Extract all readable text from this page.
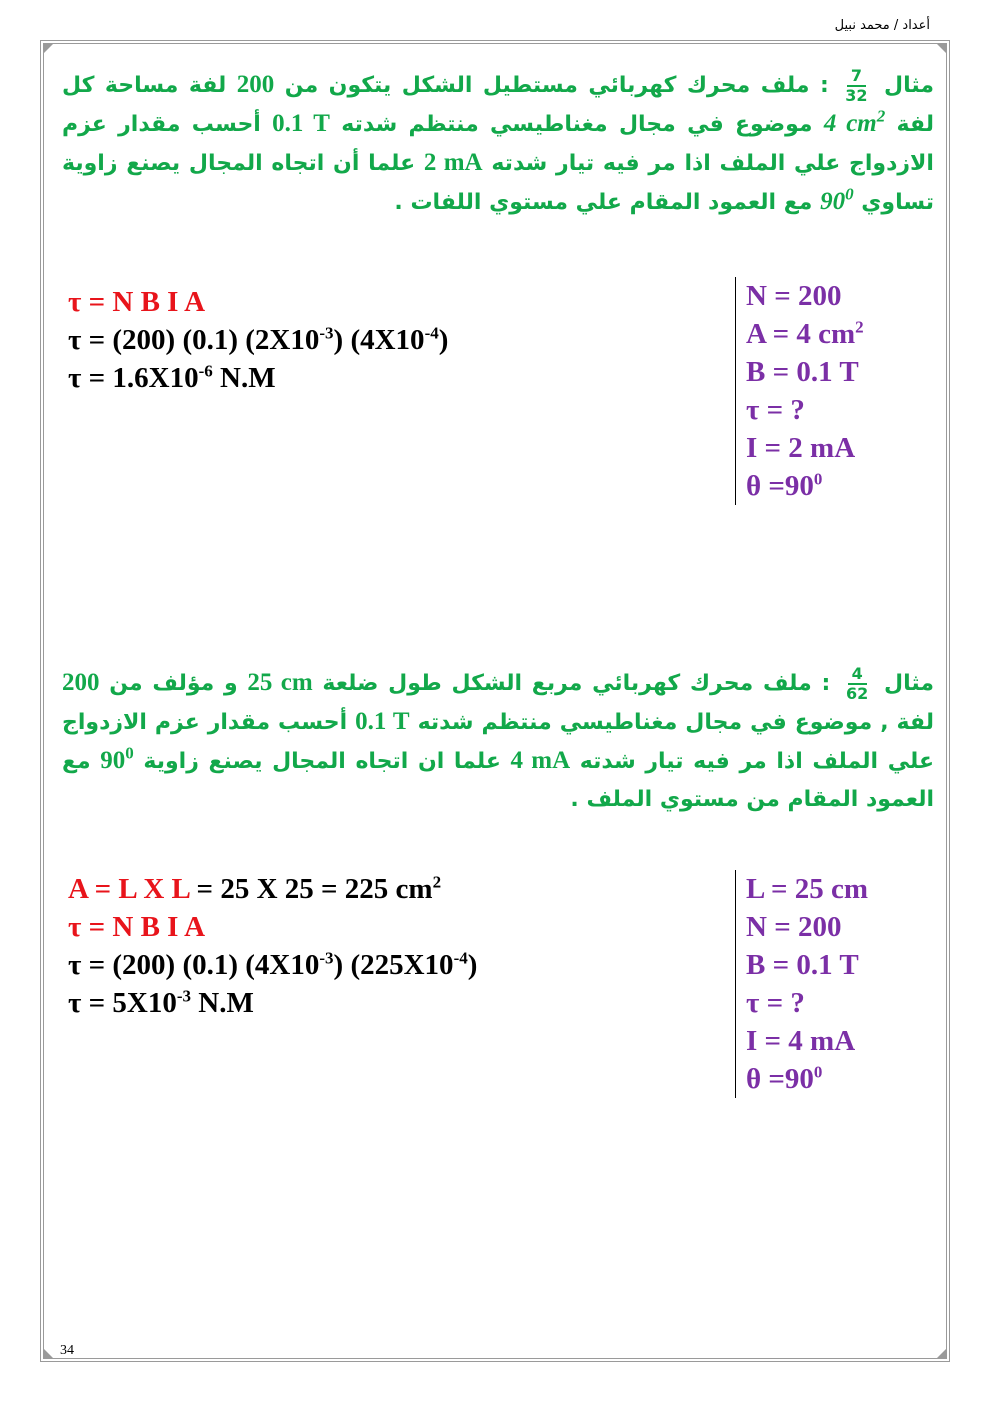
أعداد / محمد نبيل
مثال
$\frac{7}{32}$
: ملف محرك كهربائي مستطيل الشكل يتكون من 200 لفة مساحة كل لفة 4 $cm^2$ موضوع في مجال مغناطيسي منتظم شدته 0.1 T أحسب مقدار عزم الازدواج علي الملف اذا مر فيه تيار شدته 2 mA علما أن اتجاه المجال يصنع زاوية تساوي $90^0$ مع العمود المقام علي مستوي اللفات .
N = 200
A = 4 $cm^2$
B = 0.1 T
τ = ?
I = 2 mA
$\theta =90^0$
τ = N B I A
τ = (200) (0.1) $(2X10^{-3})$ $(4X10^{-4})$
$\tau = 1.6X10^{-6}$ N.M
مثال
$\frac{4}{62}$
: ملف محرك كهربائي مربع الشكل طول ضلعة 25 cm و مؤلف من 200 لفة , موضوع في مجال مغناطيسي منتظم شدته 0.1 T أحسب مقدار عزم الازدواج علي الملف اذا مر فيه تيار شدته 4 mA علما ان اتجاه المجال يصنع زاوية $90^0$ مع العمود المقام من مستوي الملف .
L = 25 cm
N = 200
B = 0.1 T
τ = ?
I = 4 mA
$\theta =90^0$
A = L X L = 25 X 25 = 225 $cm^2$
τ = N B I A
τ = (200) (0.1) $(4X10^{-3})$ $(225X10^{-4})$
$\tau = 5X10^{-3}$ N.M
34
